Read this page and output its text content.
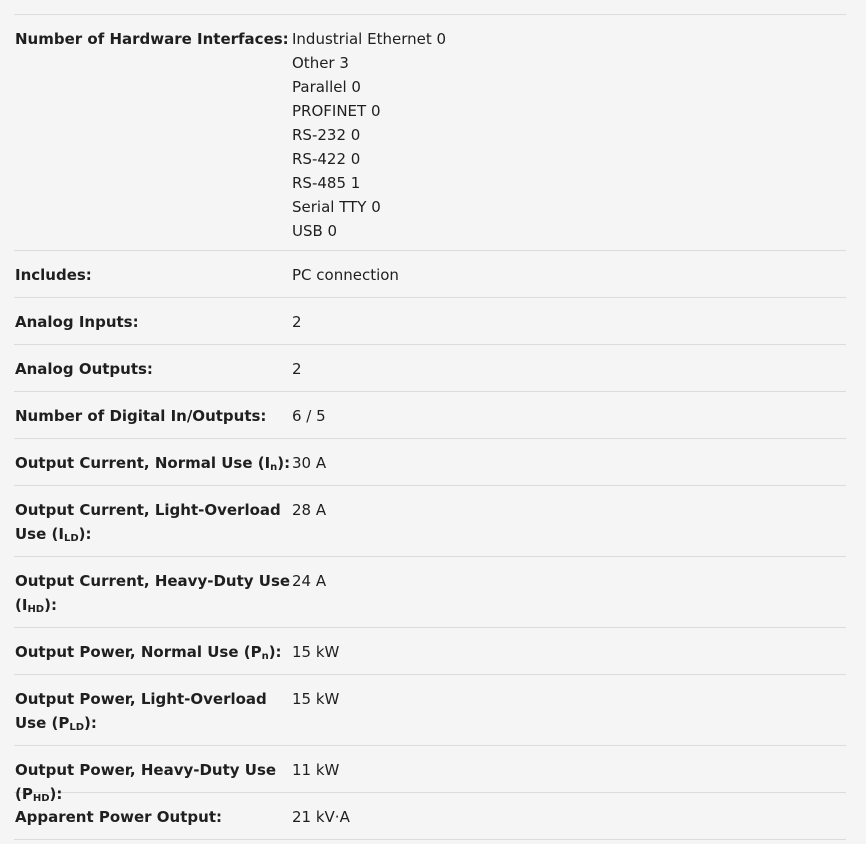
Number of Hardware Interfaces: Industrial Ethernet 0
Other 3
Parallel 0
PROFINET 0
RS-232 0
RS-422 0
RS-485 1
Serial TTY 0
USB 0
Includes:	PC connection
Analog Inputs:	2
Analog Outputs:	2
Number of Digital In/Outputs:	6 / 5
Output Current, Normal Use $(I_n)$: 30 A
Output Current, Light-Overload Use $(I_{LD})$:
28 A
Output Current, Heavy-Duty Use $(I_{HD})$:
24 A
Output Power, Normal Use $(P_n)$: 15 kW
Output Power, Light-Overload Use $(P_{LD})$:
15 kW
Output Power, Heavy-Duty Use $(P_{HD})$:
11 kW
Apparent Power Output:	21 kV·A
